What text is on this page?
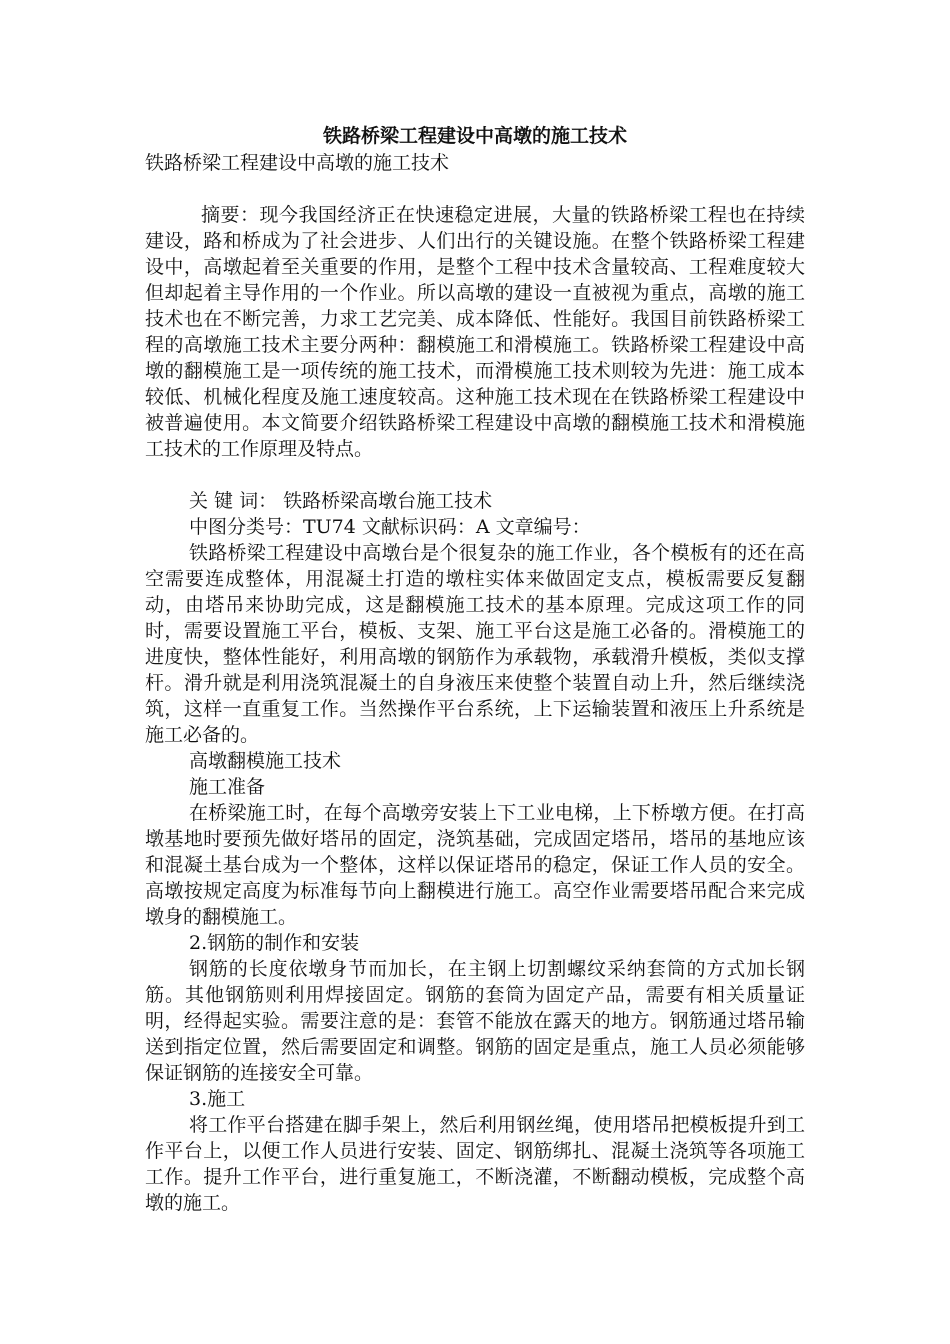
铁路桥梁工程建设中高墩的施工技术

铁路桥梁工程建设中高墩的施工技术

摘要：现今我国经济正在快速稳定进展，大量的铁路桥梁工程也在持续建设，路和桥成为了社会进步、人们出行的关键设施。在整个铁路桥梁工程建设中，高墩起着至关重要的作用，是整个工程中技术含量较高、工程难度较大但却起着主导作用的一个作业。所以高墩的建设一直被视为重点，高墩的施工技术也在不断完善，力求工艺完美、成本降低、性能好。我国目前铁路桥梁工程的高墩施工技术主要分两种：翻模施工和滑模施工。铁路桥梁工程建设中高墩的翻模施工是一项传统的施工技术，而滑模施工技术则较为先进：施工成本较低、机械化程度及施工速度较高。这种施工技术现在在铁路桥梁工程建设中被普遍使用。本文简要介绍铁路桥梁工程建设中高墩的翻模施工技术和滑模施工技术的工作原理及特点。

关 键 词： 铁路桥梁高墩台施工技术

中图分类号：TU74 文献标识码：A 文章编号：

铁路桥梁工程建设中高墩台是个很复杂的施工作业，各个模板有的还在高空需要连成整体，用混凝土打造的墩柱实体来做固定支点，模板需要反复翻动，由塔吊来协助完成，这是翻模施工技术的基本原理。完成这项工作的同时，需要设置施工平台，模板、支架、施工平台这是施工必备的。滑模施工的进度快，整体性能好，利用高墩的钢筋作为承载物，承载滑升模板，类似支撑杆。滑升就是利用浇筑混凝土的自身液压来使整个装置自动上升，然后继续浇筑，这样一直重复工作。当然操作平台系统，上下运输装置和液压上升系统是施工必备的。

高墩翻模施工技术

施工准备

在桥梁施工时，在每个高墩旁安装上下工业电梯，上下桥墩方便。在打高墩基地时要预先做好塔吊的固定，浇筑基础，完成固定塔吊，塔吊的基地应该和混凝土基台成为一个整体，这样以保证塔吊的稳定，保证工作人员的安全。高墩按规定高度为标准每节向上翻模进行施工。高空作业需要塔吊配合来完成墩身的翻模施工。

2.钢筋的制作和安装

钢筋的长度依墩身节而加长，在主钢上切割螺纹采纳套筒的方式加长钢筋。其他钢筋则利用焊接固定。钢筋的套筒为固定产品，需要有相关质量证明，经得起实验。需要注意的是：套管不能放在露天的地方。钢筋通过塔吊输送到指定位置，然后需要固定和调整。钢筋的固定是重点，施工人员必须能够保证钢筋的连接安全可靠。

3.施工

将工作平台搭建在脚手架上，然后利用钢丝绳，使用塔吊把模板提升到工作平台上，以便工作人员进行安装、固定、钢筋绑扎、混凝土浇筑等各项施工工作。提升工作平台，进行重复施工，不断浇灌，不断翻动模板，完成整个高墩的施工。
